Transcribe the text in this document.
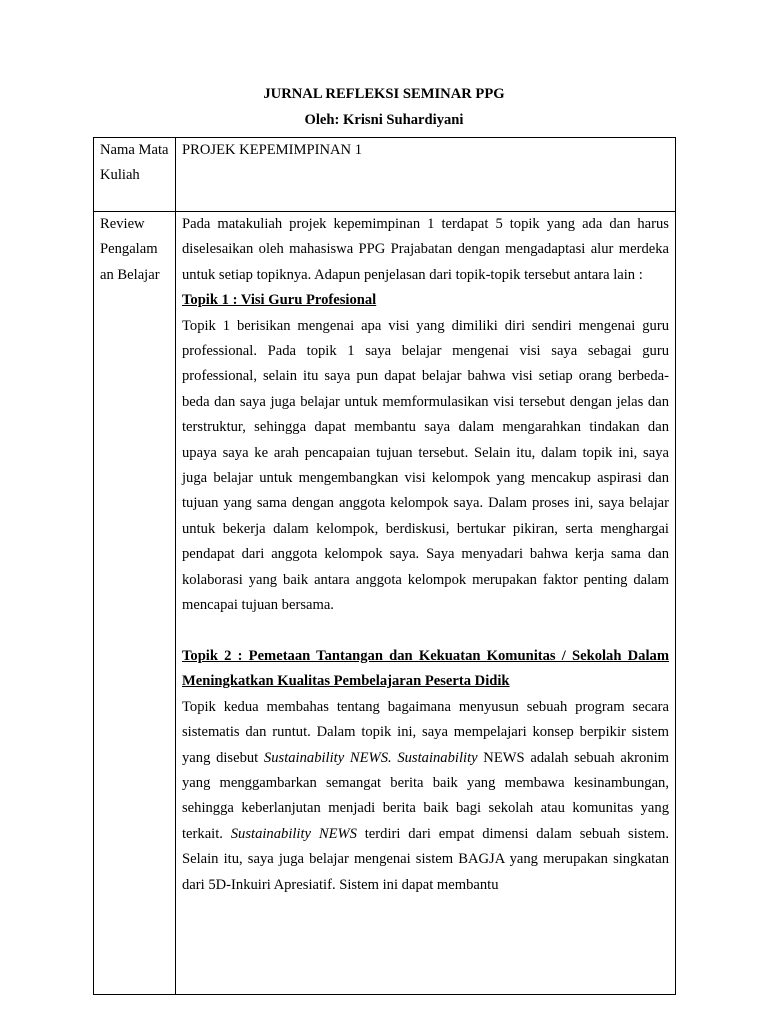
JURNAL REFLEKSI SEMINAR PPG
Oleh: Krisni Suhardiyani
Nama Mata Kuliah	PROJEK KEPEMIMPINAN 1

Review Pengalam an Belajar	Pada matakuliah projek kepemimpinan 1 terdapat 5 topik yang ada dan harus diselesaikan oleh mahasiswa PPG Prajabatan dengan mengadaptasi alur merdeka untuk setiap topiknya. Adapun penjelasan dari topik-topik tersebut antara lain :

Topik 1 : Visi Guru Profesional

Topik 1 berisikan mengenai apa visi yang dimiliki diri sendiri mengenai guru professional. Pada topik 1 saya belajar mengenai visi saya sebagai guru professional, selain itu saya pun dapat belajar bahwa visi setiap orang berbeda-beda dan saya juga belajar untuk memformulasikan visi tersebut dengan jelas dan terstruktur, sehingga dapat membantu saya dalam mengarahkan tindakan dan upaya saya ke arah pencapaian tujuan tersebut. Selain itu, dalam topik ini, saya juga belajar untuk mengembangkan visi kelompok yang mencakup aspirasi dan tujuan yang sama dengan anggota kelompok saya. Dalam proses ini, saya belajar untuk bekerja dalam kelompok, berdiskusi, bertukar pikiran, serta menghargai pendapat dari anggota kelompok saya. Saya menyadari bahwa kerja sama dan kolaborasi yang baik antara anggota kelompok merupakan faktor penting dalam mencapai tujuan bersama.

Topik 2 : Pemetaan Tantangan dan Kekuatan Komunitas / Sekolah Dalam Meningkatkan Kualitas Pembelajaran Peserta Didik

Topik kedua membahas tentang bagaimana menyusun sebuah program secara sistematis dan runtut. Dalam topik ini, saya mempelajari konsep berpikir sistem yang disebut Sustainability NEWS. Sustainability NEWS adalah sebuah akronim yang menggambarkan semangat berita baik yang membawa kesinambungan, sehingga keberlanjutan menjadi berita baik bagi sekolah atau komunitas yang terkait. Sustainability NEWS terdiri dari empat dimensi dalam sebuah sistem. Selain itu, saya juga belajar mengenai sistem BAGJA yang merupakan singkatan dari 5D-Inkuiri Apresiatif. Sistem ini dapat membantu
